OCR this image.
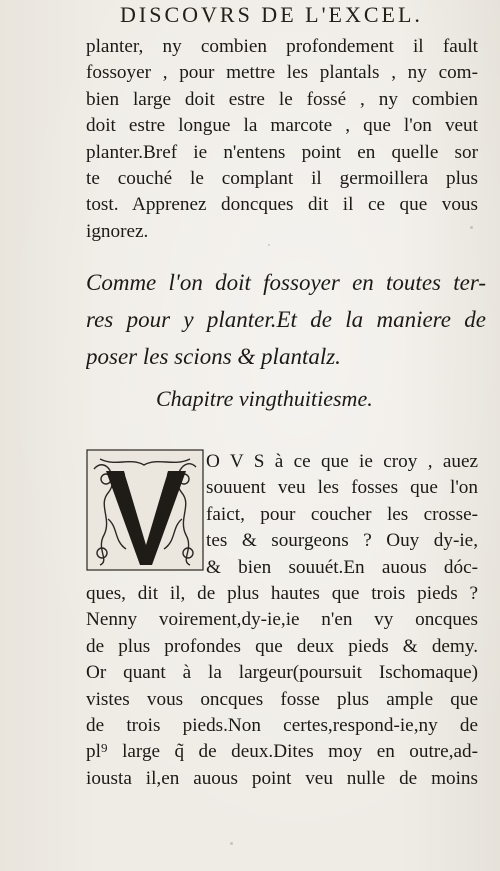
DISCOVRS DE L'EXCEL.
planter, ny combien profondement il fault
fossoyer , pour mettre les plantals , ny com-
bien large doit estre le fossé , ny combien
doit estre longue la marcote , que l'on veut
planter.Bref ie n'entens point en quelle sor
te couché le complant il germoillera plus
tost. Apprenez doncques dit il ce que vous
ignorez.
Comme l'on doit fossoyer en toutes ter-
res pour y planter.Et de la maniere de
poser les scions & plantalz.
Chapitre vingthuitiesme.
O V S à ce que ie croy , auez
souuent veu les fosses que l'on
faict, pour coucher les crosse-
tes & sourgeons ? Ouy dy-ie,
& bien souuét.En auous dóc-
ques, dit il, de plus hautes que trois pieds ?
Nenny voirement,dy-ie,ie n'en vy oncques
de plus profondes que deux pieds & demy.
Or quant à la largeur(poursuit Ischomaque)
vistes vous oncques fosse plus ample que
de trois pieds.Non certes,respond-ie,ny de
pl⁹ large q̃ de deux.Dites moy en outre,ad-
iousta il,en auous point veu nulle de moins
